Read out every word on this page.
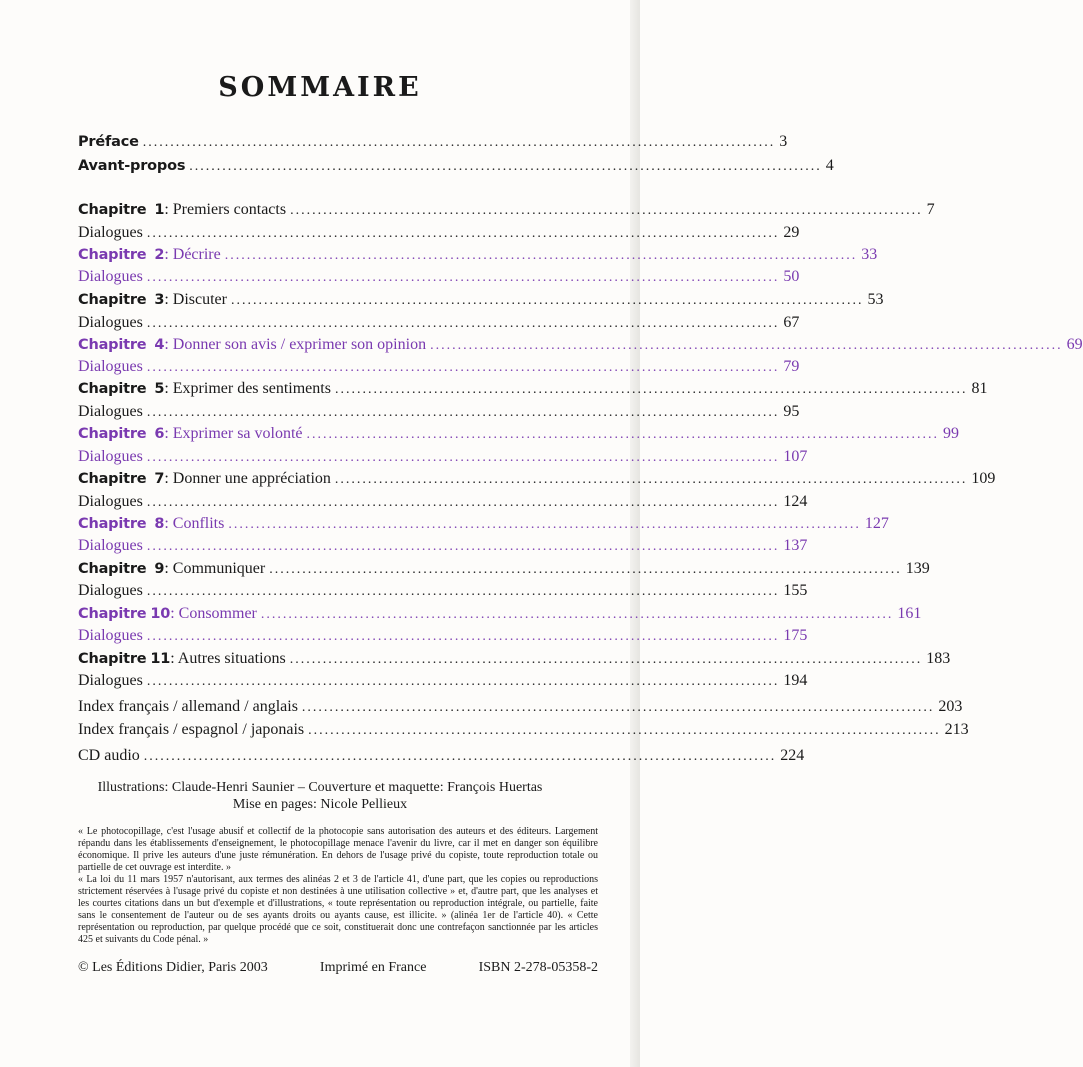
SOMMAIRE
Préface ................................................................................................................... 3
Avant-propos ................................................................................................................... 4
Chapitre 1: Premiers contacts ................................................................................................................... 7
Dialogues ................................................................................................................... 29
Chapitre 2: Décrire ................................................................................................................... 33
Dialogues ................................................................................................................... 50
Chapitre 3: Discuter ................................................................................................................... 53
Dialogues ................................................................................................................... 67
Chapitre 4: Donner son avis / exprimer son opinion ................................................................................................................... 69
Dialogues ................................................................................................................... 79
Chapitre 5: Exprimer des sentiments ................................................................................................................... 81
Dialogues ................................................................................................................... 95
Chapitre 6: Exprimer sa volonté ................................................................................................................... 99
Dialogues ................................................................................................................... 107
Chapitre 7: Donner une appréciation ................................................................................................................... 109
Dialogues ................................................................................................................... 124
Chapitre 8: Conflits ................................................................................................................... 127
Dialogues ................................................................................................................... 137
Chapitre 9: Communiquer ................................................................................................................... 139
Dialogues ................................................................................................................... 155
Chapitre 10: Consommer ................................................................................................................... 161
Dialogues ................................................................................................................... 175
Chapitre 11: Autres situations ................................................................................................................... 183
Dialogues ................................................................................................................... 194
Index français / allemand / anglais ................................................................................................................... 203
Index français / espagnol / japonais ................................................................................................................... 213
CD audio ................................................................................................................... 224
Illustrations: Claude-Henri Saunier – Couverture et maquette: François Huertas
Mise en pages: Nicole Pellieux

« Le photocopillage, c'est l'usage abusif et collectif de la photocopie sans autorisation des auteurs et des éditeurs. Largement répandu dans les établissements d'enseignement, le photocopillage menace l'avenir du livre, car il met en danger son équilibre économique. Il prive les auteurs d'une juste rémunération. En dehors de l'usage privé du copiste, toute reproduction totale ou partielle de cet ouvrage est interdite. »

« La loi du 11 mars 1957 n'autorisant, aux termes des alinéas 2 et 3 de l'article 41, d'une part, que les copies ou reproductions strictement réservées à l'usage privé du copiste et non destinées à une utilisation collective » et, d'autre part, que les analyses et les courtes citations dans un but d'exemple et d'illustrations, « toute représentation ou reproduction intégrale, ou partielle, faite sans le consentement de l'auteur ou de ses ayants droits ou ayants cause, est illicite. » (alinéa 1er de l'article 40). « Cette représentation ou reproduction, par quelque procédé que ce soit, constituerait donc une contrefaçon sanctionnée par les articles 425 et suivants du Code pénal. »

© Les Éditions Didier, Paris 2003	Imprimé en France	ISBN 2-278-05358-2
